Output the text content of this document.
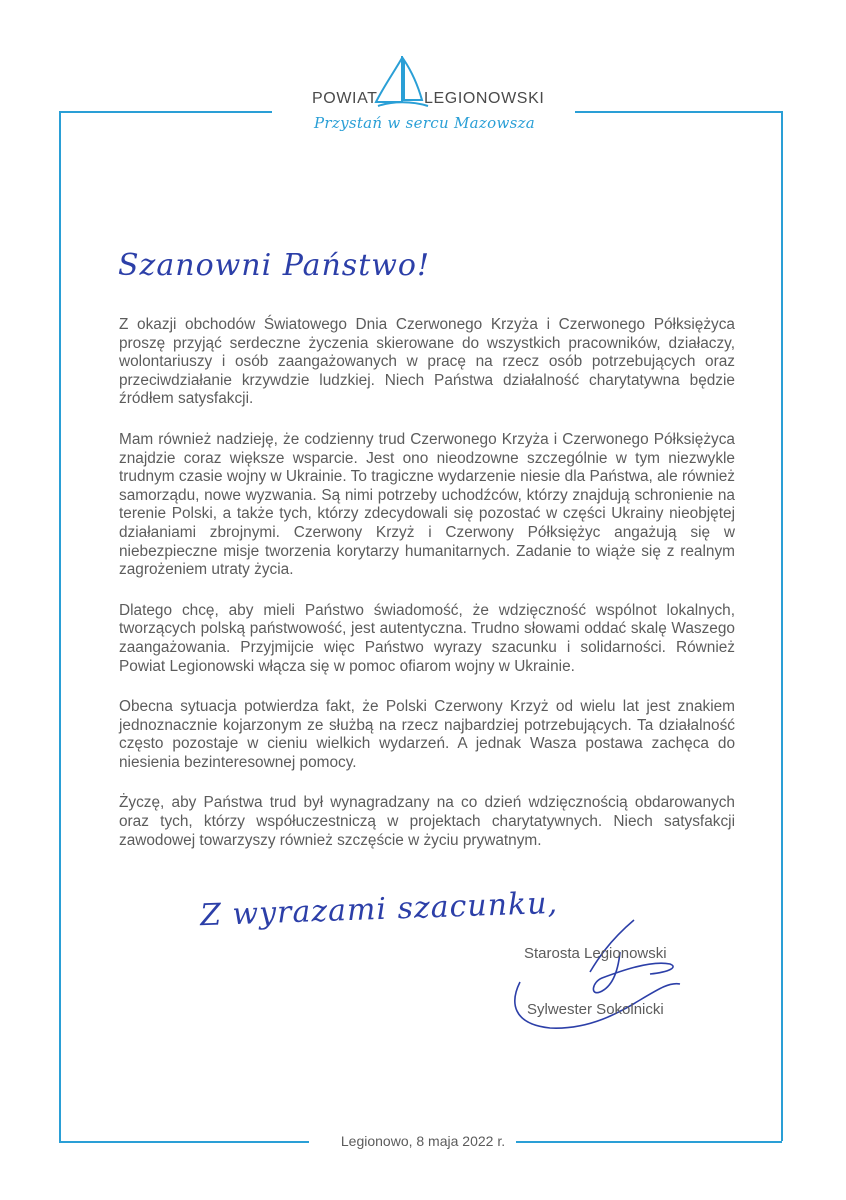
POWIAT	LEGIONOWSKI
Przystań w sercu Mazowsza
Szanowni Państwo!

Z okazji obchodów Światowego Dnia Czerwonego Krzyża i Czerwonego Półksiężyca proszę przyjąć serdeczne życzenia skierowane do wszystkich pracowników, działaczy, wolontariuszy i osób zaangażowanych w pracę na rzecz osób potrzebujących oraz przeciwdziałanie krzywdzie ludzkiej. Niech Państwa działalność charytatywna będzie źródłem satysfakcji.

Mam również nadzieję, że codzienny trud Czerwonego Krzyża i Czerwonego Półksiężyca znajdzie coraz większe wsparcie. Jest ono nieodzowne szczególnie w tym niezwykle trudnym czasie wojny w Ukrainie. To tragiczne wydarzenie niesie dla Państwa, ale również samorządu, nowe wyzwania. Są nimi potrzeby uchodźców, którzy znajdują schronienie na terenie Polski, a także tych, którzy zdecydowali się pozostać w części Ukrainy nieobjętej działaniami zbrojnymi. Czerwony Krzyż i Czerwony Półksiężyc angażują się w niebezpieczne misje tworzenia korytarzy humanitarnych. Zadanie to wiąże się z realnym zagrożeniem utraty życia.

Dlatego chcę, aby mieli Państwo świadomość, że wdzięczność wspólnot lokalnych, tworzących polską państwowość, jest autentyczna. Trudno słowami oddać skalę Waszego zaangażowania. Przyjmijcie więc Państwo wyrazy szacunku i solidarności. Również Powiat Legionowski włącza się w pomoc ofiarom wojny w Ukrainie.

Obecna sytuacja potwierdza fakt, że Polski Czerwony Krzyż od wielu lat jest znakiem jednoznacznie kojarzonym ze służbą na rzecz najbardziej potrzebujących. Ta działalność często pozostaje w cieniu wielkich wydarzeń. A jednak Wasza postawa zachęca do niesienia bezinteresownej pomocy.

Życzę, aby Państwa trud był wynagradzany na co dzień wdzięcznością obdarowanych oraz tych, którzy współuczestniczą w projektach charytatywnych. Niech satysfakcji zawodowej towarzyszy również szczęście w życiu prywatnym.

Z wyrazami szacunku,
Starosta Legionowski
Sylwester Sokolnicki
Legionowo, 8 maja 2022 r.
